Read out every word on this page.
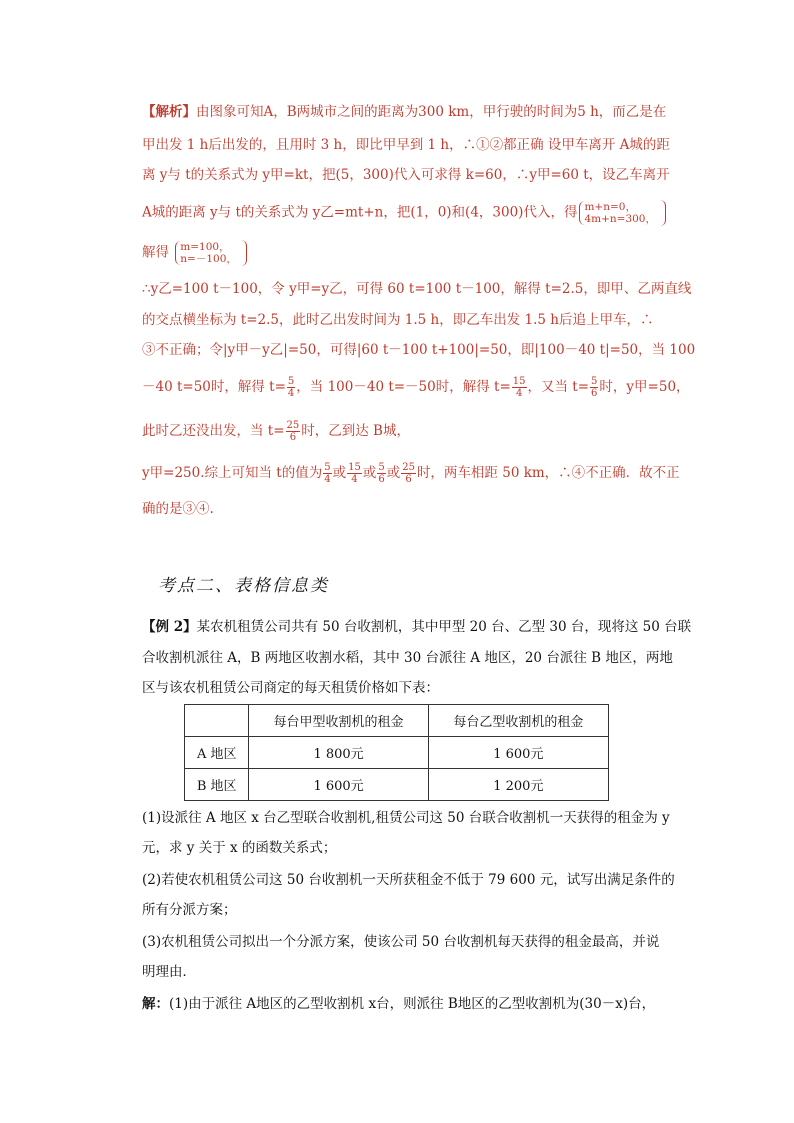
【解析】由图象可知A，B两城市之间的距离为300 km，甲行驶的时间为5 h，而乙是在
甲出发 1 h后出发的，且用时 3 h，即比甲早到 1 h，∴①②都正确 设甲车离开 A城的距
离 y与 t的关系式为 y甲=kt，把(5，300)代入可求得 k=60，∴y甲=60 t，设乙车离开
A城的距离 y与 t的关系式为 y乙=mt+n，把(1，0)和(4，300)代入，得 m+n=0，
4m+n=300，
解得 m=100，
n=－100，
∴y乙=100 t－100，令 y甲=y乙，可得 60 t=100 t－100，解得 t=2.5，即甲、乙两直线
的交点横坐标为 t=2.5，此时乙出发时间为 1.5 h，即乙车出发 1.5 h后追上甲车，∴
③不正确；令|y甲－y乙|=50，可得|60 t－100 t+100|=50，即|100－40 t|=50，当 100
－40 t=50时，解得 $t= \frac{5}{4}$ ，当 100－40 t=－50时，解得 $t= \frac{15}{4}$ ，又当 $t= \frac{5}{6}$ 时，y甲=50，
此时乙还没出发，当 $t= \frac{25}{6}$ 时，乙到达 B城，
y甲=250.综上可知当 t的值为 $\frac{5}{4}$ 或 $\frac{15}{4}$ 或 $\frac{5}{6}$ 或 $\frac{25}{6}$ 时，两车相距 50 km，∴④不正确．故不正
确的是③④.
考点二、表格信息类
【例 2】某农机租赁公司共有 50 台收割机，其中甲型 20 台、乙型 30 台，现将这 50 台联
合收割机派往 A，B 两地区收割水稻，其中 30 台派往 A 地区，20 台派往 B 地区，两地
区与该农机租赁公司商定的每天租赁价格如下表：
	每台甲型收割机的租金	每台乙型收割机的租金
A 地区	1 800元	1 600元
B 地区	1 600元	1 200元
(1)设派往 A 地区 x 台乙型联合收割机,租赁公司这 50 台联合收割机一天获得的租金为 y
元，求 y 关于 x 的函数关系式；
(2)若使农机租赁公司这 50 台收割机一天所获租金不低于 79 600 元，试写出满足条件的
所有分派方案；
(3)农机租赁公司拟出一个分派方案，使该公司 50 台收割机每天获得的租金最高，并说
明理由．
解：(1)由于派往 A地区的乙型收割机 x台，则派往 B地区的乙型收割机为(30－x)台，
